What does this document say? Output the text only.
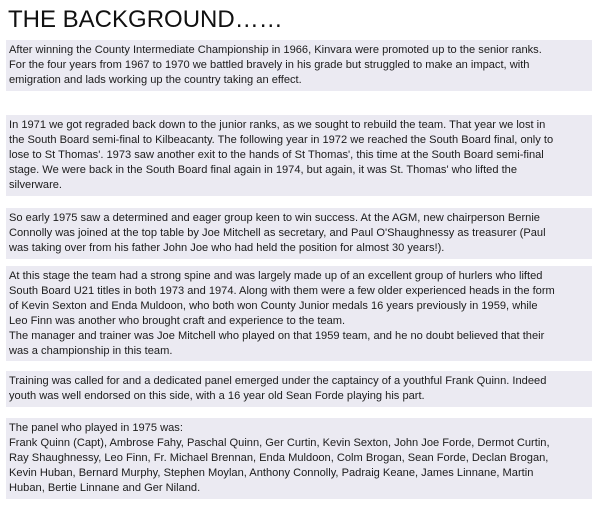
THE BACKGROUND……
After winning the County Intermediate Championship in 1966, Kinvara were promoted up to the senior ranks.
For the four years from 1967 to 1970 we battled bravely in his grade but struggled to make an impact, with
emigration and lads working up the country taking an effect.
In 1971 we got regraded back down to the junior ranks, as we sought to rebuild the team. That year we lost in
the South Board semi-final to Kilbeacanty. The following year in 1972 we reached the South Board final, only to
lose to St Thomas'. 1973 saw another exit to the hands of St Thomas', this time at the South Board semi-final
stage. We were back in the South Board final again in 1974, but again, it was St. Thomas' who lifted the
silverware.
So early 1975 saw a determined and eager group keen to win success. At the AGM, new chairperson Bernie
Connolly was joined at the top table by Joe Mitchell as secretary, and Paul O'Shaughnessy as treasurer (Paul
was taking over from his father John Joe who had held the position for almost 30 years!).
At this stage the team had a strong spine and was largely made up of an excellent group of hurlers who lifted
South Board U21 titles in both 1973 and 1974. Along with them were a few older experienced heads in the form
of Kevin Sexton and Enda Muldoon, who both won County Junior medals 16 years previously in 1959, while
Leo Finn was another who brought craft and experience to the team.
The manager and trainer was Joe Mitchell who played on that 1959 team, and he no doubt believed that their
was a championship in this team.
Training was called for and a dedicated panel emerged under the captaincy of a youthful Frank Quinn. Indeed
youth was well endorsed on this side, with a 16 year old Sean Forde playing his part.
The panel who played in 1975 was:
Frank Quinn (Capt), Ambrose Fahy, Paschal Quinn, Ger Curtin, Kevin Sexton, John Joe Forde, Dermot Curtin,
Ray Shaughnessy, Leo Finn, Fr. Michael Brennan, Enda Muldoon, Colm Brogan, Sean Forde, Declan Brogan,
Kevin Huban, Bernard Murphy, Stephen Moylan, Anthony Connolly, Padraig Keane, James Linnane, Martin
Huban, Bertie Linnane and Ger Niland.
